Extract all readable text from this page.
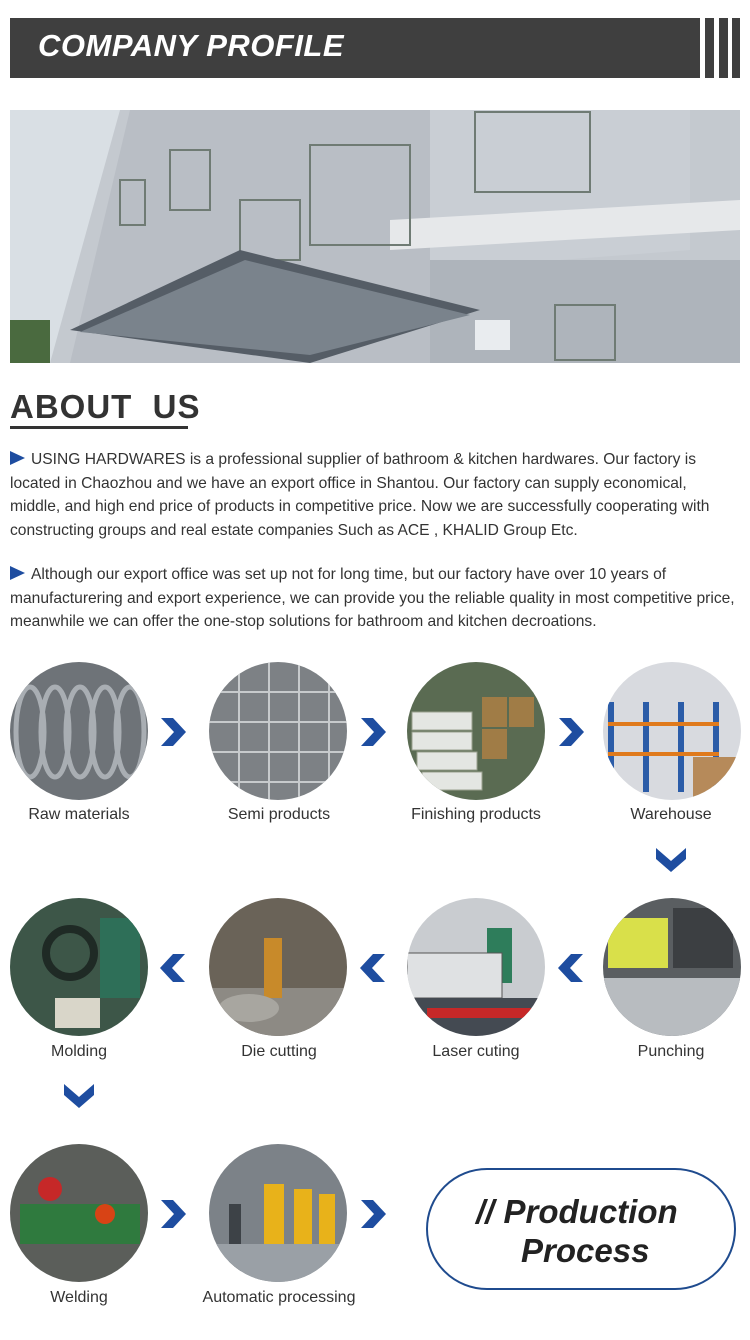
COMPANY PROFILE
ABOUT  US
USING HARDWARES is a professional supplier of bathroom & kitchen hardwares. Our factory is located in Chaozhou and we have an export office in Shantou. Our factory can supply economical, middle, and high end price of products in competitive price. Now we are successfully cooperating with constructing groups and real estate companies Such as ACE , KHALID Group Etc.
Although our export office was set up not for long time, but our factory have over 10 years of manufacturering and export experience, we can provide you the reliable quality in most competitive price, meanwhile we can offer the one-stop solutions for bathroom and kitchen decroations.
Raw materials	Semi products	Finishing products	Warehouse
Molding	Die cutting	Laser cuting	Punching
Welding	Automatic processing
// Production
Process
